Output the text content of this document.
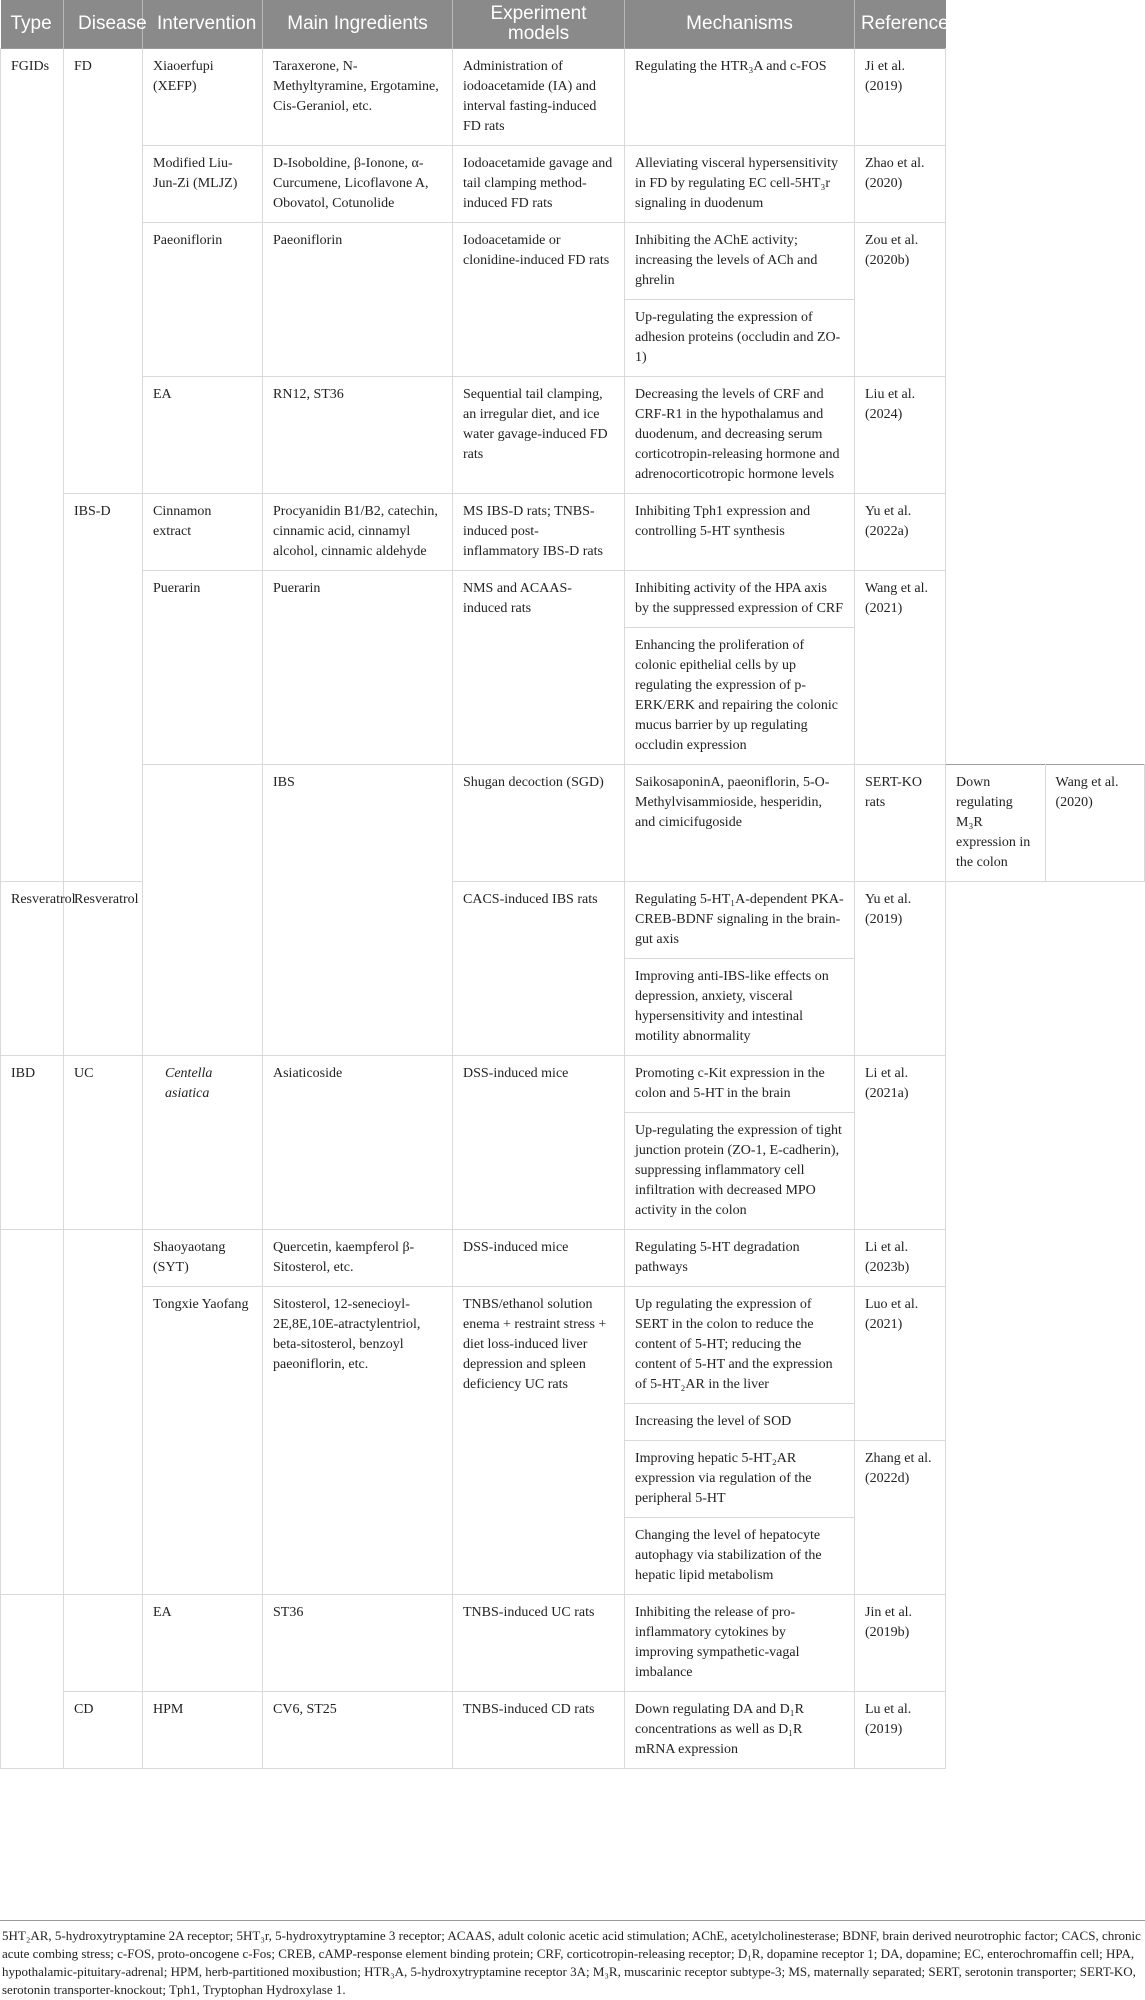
Type	Disease	Intervention	Main Ingredients	Experiment models	Mechanisms	Reference		
FGIDs	FD	Xiaoerfupi (XEFP)	Taraxerone, N-Methyltyramine, Ergotamine, Cis-Geraniol, etc.	Administration of iodoacetamide (IA) and interval fasting-induced FD rats	Regulating the HTR₃A and c-FOS	Ji et al. (2019)		
		Modified Liu-Jun-Zi (MLJZ)	D-Isoboldine, β-Ionone, α-Curcumene, Licoflavone A, Obovatol, Cotunolide	Iodoacetamide gavage and tail clamping method-induced FD rats	Alleviating visceral hypersensitivity in FD by regulating EC cell-5HT₃r signaling in duodenum	Zhao et al. (2020)		
		Paeoniflorin	Paeoniflorin	Iodoacetamide or clonidine-induced FD rats	Inhibiting the AChE activity; increasing the levels of ACh and ghrelin	Zou et al. (2020b)		
					Up-regulating the expression of adhesion proteins (occludin and ZO-1)			
		EA	RN12, ST36	Sequential tail clamping, an irregular diet, and ice water gavage-induced FD rats	Decreasing the levels of CRF and CRF-R1 in the hypothalamus and duodenum, and decreasing serum corticotropin-releasing hormone and adrenocorticotropic hormone levels	Liu et al. (2024)		
	IBS-D	Cinnamon extract	Procyanidin B1/B2, catechin, cinnamic acid, cinnamyl alcohol, cinnamic aldehyde	MS IBS-D rats; TNBS-induced post-inflammatory IBS-D rats	Inhibiting Tph1 expression and controlling 5-HT synthesis	Yu et al. (2022a)		
		Puerarin	Puerarin	NMS and ACAAS-induced rats	Inhibiting activity of the HPA axis by the suppressed expression of CRF	Wang et al. (2021)		
					Enhancing the proliferation of colonic epithelial cells by up regulating the expression of p-ERK/ERK and repairing the colonic mucus barrier by up regulating occludin expression			
			IBS	Shugan decoction (SGD)	SaikosaponinA, paeoniflorin, 5-O-Methylvisammioside, hesperidin, and cimicifugoside	SERT-KO rats	Down regulating M₃R expression in the colon	Wang et al. (2020)
Resveratrol	Resveratrol			CACS-induced IBS rats	Regulating 5-HT₁A-dependent PKA-CREB-BDNF signaling in the brain-gut axis	Yu et al. (2019)		
					Improving anti-IBS-like effects on depression, anxiety, visceral hypersensitivity and intestinal motility abnormality			
IBD	UC	Centella asiatica	Asiaticoside	DSS-induced mice	Promoting c-Kit expression in the colon and 5-HT in the brain	Li et al. (2021a)		
					Up-regulating the expression of tight junction protein (ZO-1, E-cadherin), suppressing inflammatory cell infiltration with decreased MPO activity in the colon			
		Shaoyaotang (SYT)	Quercetin, kaempferol β-Sitosterol, etc.	DSS-induced mice	Regulating 5-HT degradation pathways	Li et al. (2023b)		
		Tongxie Yaofang	Sitosterol, 12-senecioyl-2E,8E,10E-atractylentriol, beta-sitosterol, benzoyl paeoniflorin, etc.	TNBS/ethanol solution enema + restraint stress + diet loss-induced liver depression and spleen deficiency UC rats	Up regulating the expression of SERT in the colon to reduce the content of 5-HT; reducing the content of 5-HT and the expression of 5-HT₂AR in the liver	Luo et al. (2021)		
					Increasing the level of SOD			
					Improving hepatic 5-HT₂AR expression via regulation of the peripheral 5-HT	Zhang et al. (2022d)		
					Changing the level of hepatocyte autophagy via stabilization of the hepatic lipid metabolism			
		EA	ST36	TNBS-induced UC rats	Inhibiting the release of pro-inflammatory cytokines by improving sympathetic-vagal imbalance	Jin et al. (2019b)		
	CD	HPM	CV6, ST25	TNBS-induced CD rats	Down regulating DA and D₁R concentrations as well as D₁R mRNA expression	Lu et al. (2019)		
5HT₂AR, 5-hydroxytryptamine 2A receptor; 5HT₃r, 5-hydroxytryptamine 3 receptor; ACAAS, adult colonic acetic acid stimulation; AChE, acetylcholinesterase; BDNF, brain derived neurotrophic factor; CACS, chronic acute combing stress; c-FOS, proto-oncogene c-Fos; CREB, cAMP-response element binding protein; CRF, corticotropin-releasing receptor; D₁R, dopamine receptor 1; DA, dopamine; EC, enterochromaffin cell; HPA, hypothalamic-pituitary-adrenal; HPM, herb-partitioned moxibustion; HTR₃A, 5-hydroxytryptamine receptor 3A; M₃R, muscarinic receptor subtype-3; MS, maternally separated; SERT, serotonin transporter; SERT-KO, serotonin transporter-knockout; Tph1, Tryptophan Hydroxylase 1.
